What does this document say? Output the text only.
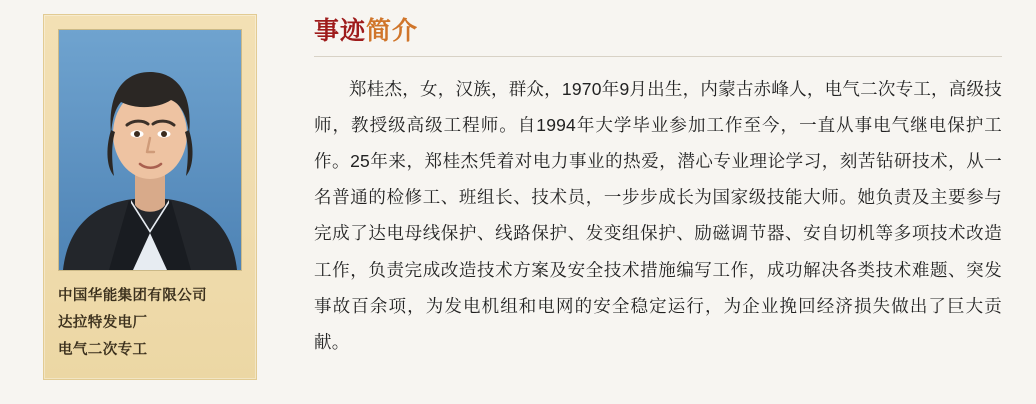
中国华能集团有限公司
达拉特发电厂
电气二次专工
事迹简介

郑桂杰，女，汉族，群众，1970年9月出生，内蒙古赤峰人，电气二次专工，高级技师，教授级高级工程师。自1994年大学毕业参加工作至今，一直从事电气继电保护工作。25年来，郑桂杰凭着对电力事业的热爱，潜心专业理论学习，刻苦钻研技术，从一名普通的检修工、班组长、技术员，一步步成长为国家级技能大师。她负责及主要参与完成了达电母线保护、线路保护、发变组保护、励磁调节器、安自切机等多项技术改造工作，负责完成改造技术方案及安全技术措施编写工作，成功解决各类技术难题、突发事故百余项，为发电机组和电网的安全稳定运行，为企业挽回经济损失做出了巨大贡献。
